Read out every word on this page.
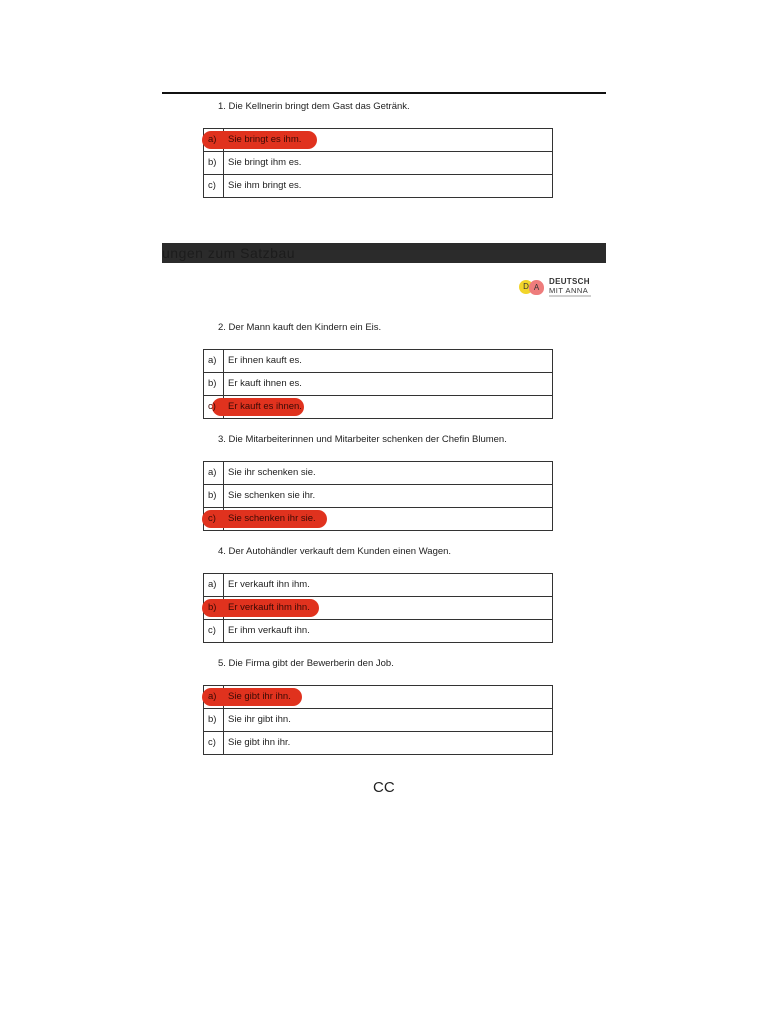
1. Die Kellnerin bringt dem Gast das Getränk.
a) Sie bringt es ihm.
b) Sie bringt ihm es.
c) Sie ihm bringt es.
ungen zum Satzbau
D A
DEUTSCH
MIT ANNA
2. Der Mann kauft den Kindern ein Eis.
a) Er ihnen kauft es.
b) Er kauft ihnen es.
c) Er kauft es ihnen.
3. Die Mitarbeiterinnen und Mitarbeiter schenken der Chefin Blumen.
a) Sie ihr schenken sie.
b) Sie schenken sie ihr.
c) Sie schenken ihr sie.
4. Der Autohändler verkauft dem Kunden einen Wagen.
a) Er verkauft ihn ihm.
b) Er verkauft ihm ihn.
c) Er ihm verkauft ihn.
5. Die Firma gibt der Bewerberin den Job.
a) Sie gibt ihr ihn.
b) Sie ihr gibt ihn.
c) Sie gibt ihn ihr.
CC
